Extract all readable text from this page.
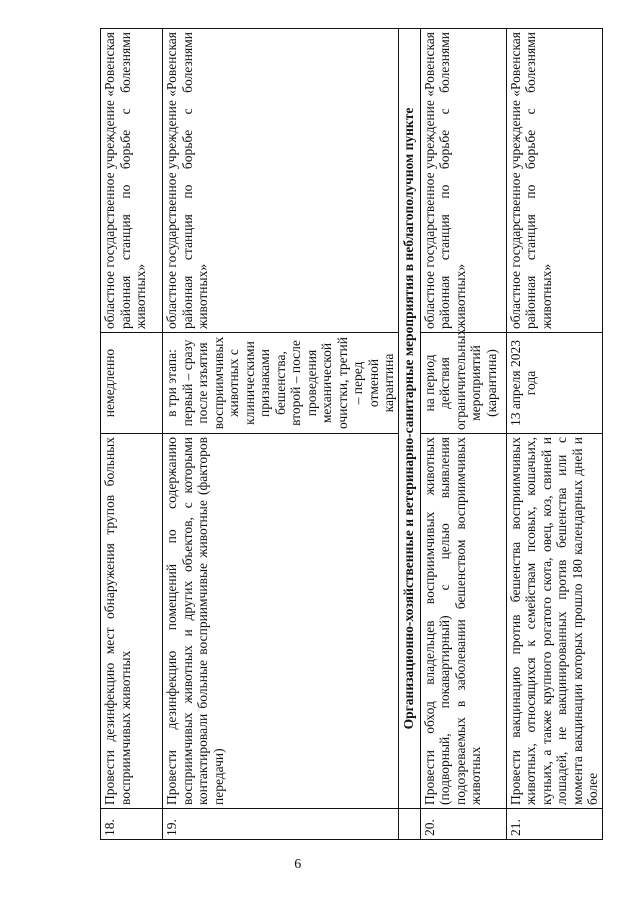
6
18.	Провести дезинфекцию мест обнаружения трупов больных восприимчивых животных	немедленно	областное государственное учреждение «Ровенская районная станция по борьбе с болезнями животных»
19.	Провести дезинфекцию помещений по содержанию восприимчивых животных и других объектов, с которыми контактировали больные восприимчивые животные (факторов передачи)	в три этапа: первый – сразу после изъятия восприимчивых животных с клиническими признаками бешенства, второй – после проведения механической очистки, третий – перед отменой карантина	областное государственное учреждение «Ровенская районная станция по борьбе с болезнями животных»
	Организационно-хозяйственные и ветеринарно-санитарные мероприятия в неблагополучном пункте		
20.	Провести обход владельцев восприимчивых животных (подворный, покавартирный) с целью выявления подозреваемых в заболевании бешенством восприимчивых животных	на период действия ограничительных мероприятий (карантина)	областное государственное учреждение «Ровенская районная станция по борьбе с болезнями животных»
21.	Провести вакцинацию против бешенства восприимчивых животных, относящихся к семействам псовых, кошачьих, куньих, а также крупного рогатого скота, овец, коз, свиней и лошадей, не вакцинированных против бешенства или с момента вакцинации которых прошло 180 календарных дней и более	13 апреля 2023 года	областное государственное учреждение «Ровенская районная станция по борьбе с болезнями животных»
